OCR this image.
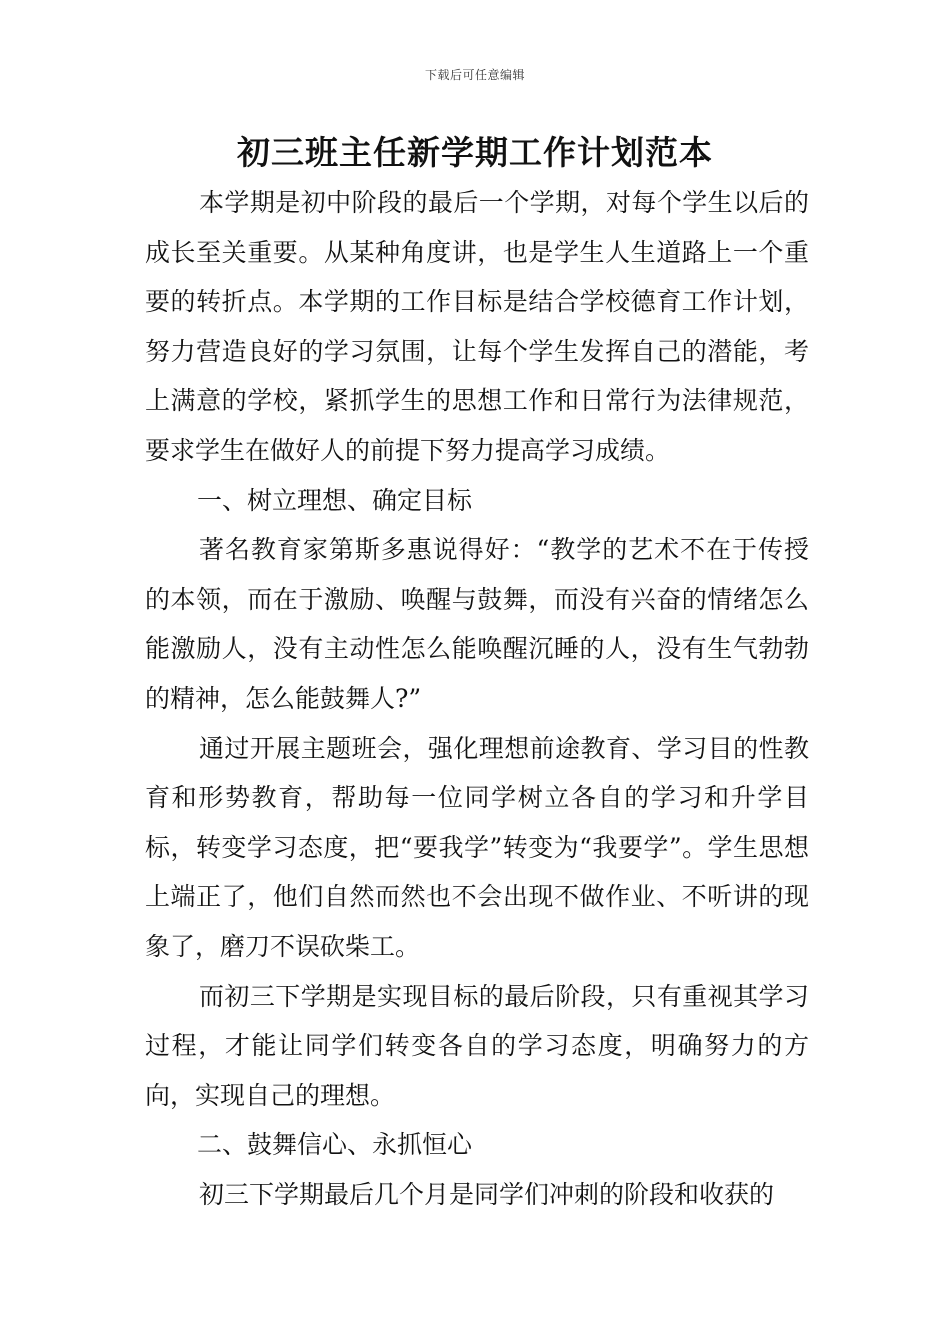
下载后可任意编辑
初三班主任新学期工作计划范本

本学期是初中阶段的最后一个学期，对每个学生以后的成长至关重要。从某种角度讲，也是学生人生道路上一个重要的转折点。本学期的工作目标是结合学校德育工作计划，努力营造良好的学习氛围，让每个学生发挥自己的潜能，考上满意的学校，紧抓学生的思想工作和日常行为法律规范，要求学生在做好人的前提下努力提高学习成绩。

一、树立理想、确定目标

著名教育家第斯多惠说得好：“教学的艺术不在于传授的本领，而在于激励、唤醒与鼓舞，而没有兴奋的情绪怎么能激励人，没有主动性怎么能唤醒沉睡的人，没有生气勃勃的精神，怎么能鼓舞人?”

通过开展主题班会，强化理想前途教育、学习目的性教育和形势教育，帮助每一位同学树立各自的学习和升学目标，转变学习态度，把“要我学”转变为“我要学”。学生思想上端正了，他们自然而然也不会出现不做作业、不听讲的现象了，磨刀不误砍柴工。

而初三下学期是实现目标的最后阶段，只有重视其学习过程，才能让同学们转变各自的学习态度，明确努力的方向，实现自己的理想。

二、鼓舞信心、永抓恒心

初三下学期最后几个月是同学们冲刺的阶段和收获的
